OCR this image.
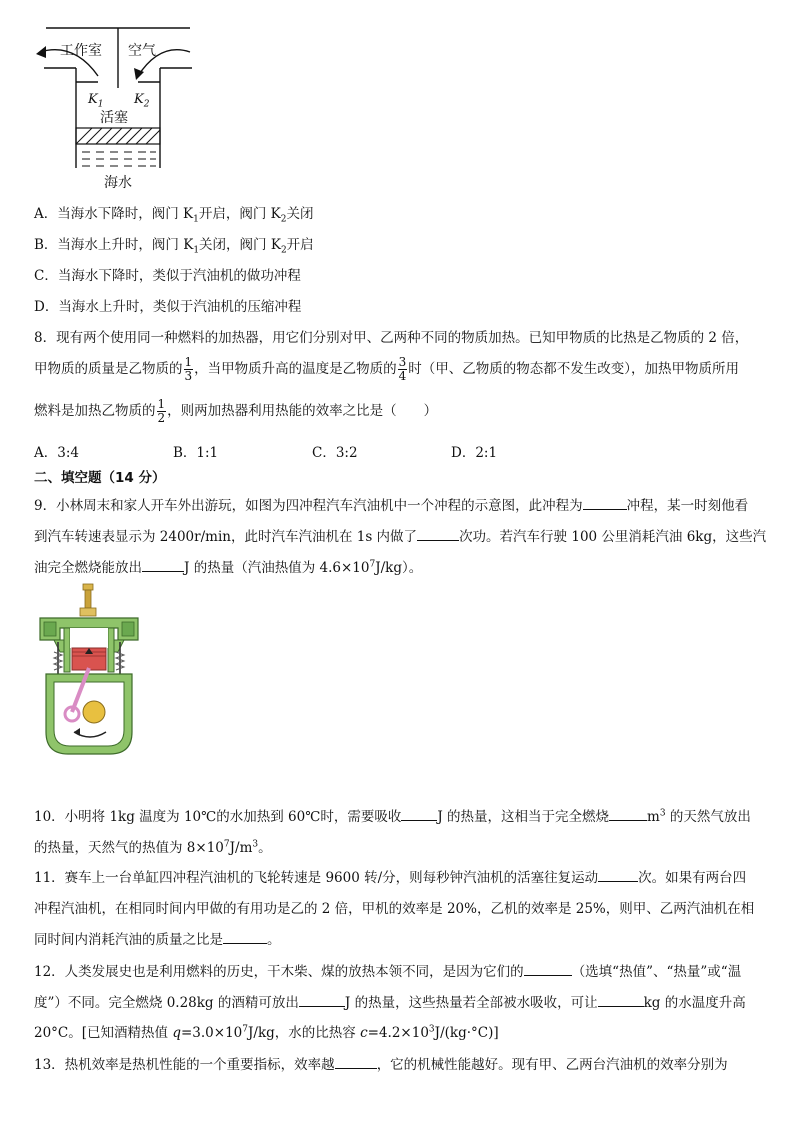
工作室 空气
$K_1$ $K_2$
活塞
海水
A．当海水下降时，阀门 $K_1$开启，阀门 $K_2$关闭
B．当海水上升时，阀门 $K_1$关闭，阀门 $K_2$开启
C．当海水下降时，类似于汽油机的做功冲程
D．当海水上升时，类似于汽油机的压缩冲程
8．现有两个使用同一种燃料的加热器，用它们分别对甲、乙两种不同的物质加热。已知甲物质的比热是乙物质的 2 倍，
甲物质的质量是乙物质的 $\frac{1}{3}$ ，当甲物质升高的温度是乙物质的 $\frac{3}{4}$ 时（甲、乙物质的物态都不发生改变），加热甲物质所用
燃料是加热乙物质的 $\frac{1}{2}$ ，则两加热器利用热能的效率之比是（　　）
A．3:4	B．1:1	C．3:2	D．2:1
二、填空题（14 分）
9．小林周末和家人开车外出游玩，如图为四冲程汽车汽油机中一个冲程的示意图，此冲程为	冲程，某一时刻他看
到汽车转速表显示为 2400r/min，此时汽车汽油机在 1s 内做了	次功。若汽车行驶 100 公里消耗汽油 6kg，这些汽
油完全燃烧能放出	J 的热量（汽油热值为 $4.6\times 10^7J/kg$）。
10．小明将 1kg 温度为 10℃的水加热到 60℃时，需要吸收	J 的热量，这相当于完全燃烧	$m^3$ 的天然气放出
的热量，天然气的热值为 $8\times 10^7J/m^3$。
11．赛车上一台单缸四冲程汽油机的飞轮转速是 9600 转/分，则每秒钟汽油机的活塞往复运动	次。如果有两台四
冲程汽油机，在相同时间内甲做的有用功是乙的 2 倍，甲机的效率是 20%，乙机的效率是 25%，则甲、乙两汽油机在相
同时间内消耗汽油的质量之比是	。
12．人类发展史也是利用燃料的历史，干木柴、煤的放热本领不同，是因为它们的	（选填“热值”、“热量”或“温
度”）不同。完全燃烧 0.28kg 的酒精可放出	J 的热量，这些热量若全部被水吸收，可让	kg 的水温度升高
20°C。[已知酒精热值 $q=3.0\times 10^7J/kg$，水的比热容 $c=4.2\times 10^3J/(kg\cdot^\circ C)$]
13．热机效率是热机性能的一个重要指标，效率越	，它的机械性能越好。现有甲、乙两台汽油机的效率分别为
